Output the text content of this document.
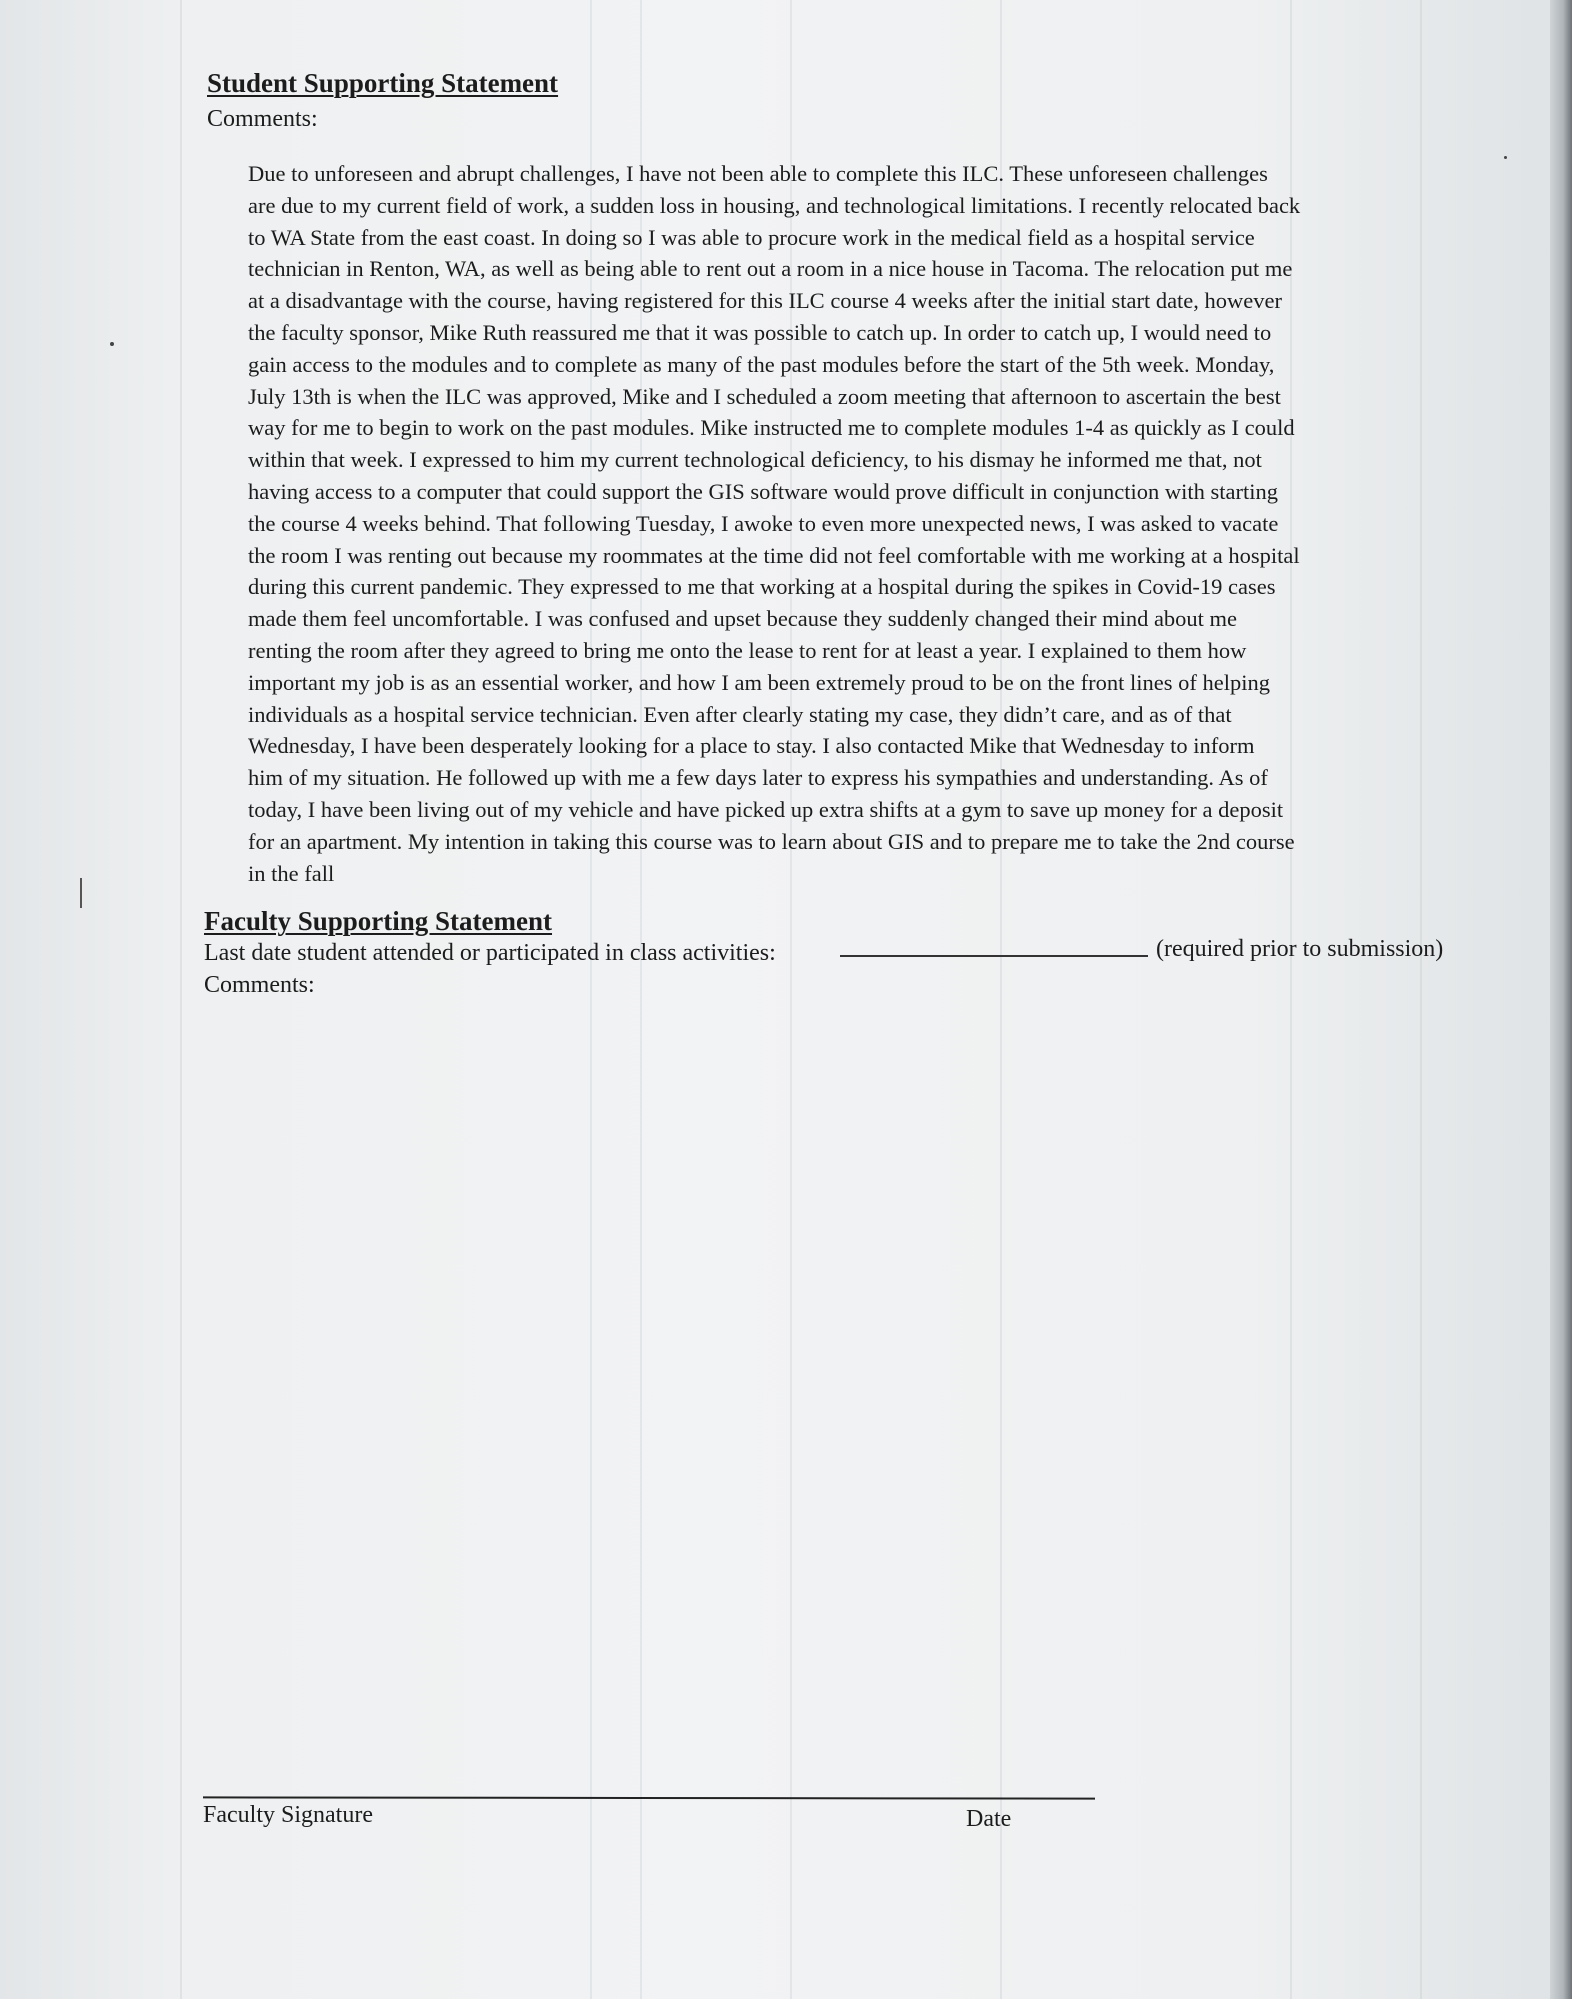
Student Supporting Statement

Comments:

Due to unforeseen and abrupt challenges, I have not been able to complete this ILC. These unforeseen challenges
are due to my current field of work, a sudden loss in housing, and technological limitations. I recently relocated back
to WA State from the east coast. In doing so I was able to procure work in the medical field as a hospital service
technician in Renton, WA, as well as being able to rent out a room in a nice house in Tacoma. The relocation put me
at a disadvantage with the course, having registered for this ILC course 4 weeks after the initial start date, however
the faculty sponsor, Mike Ruth reassured me that it was possible to catch up. In order to catch up, I would need to
gain access to the modules and to complete as many of the past modules before the start of the 5th week. Monday,
July 13th is when the ILC was approved, Mike and I scheduled a zoom meeting that afternoon to ascertain the best
way for me to begin to work on the past modules. Mike instructed me to complete modules 1-4 as quickly as I could
within that week. I expressed to him my current technological deficiency, to his dismay he informed me that, not
having access to a computer that could support the GIS software would prove difficult in conjunction with starting
the course 4 weeks behind. That following Tuesday, I awoke to even more unexpected news, I was asked to vacate
the room I was renting out because my roommates at the time did not feel comfortable with me working at a hospital
during this current pandemic. They expressed to me that working at a hospital during the spikes in Covid-19 cases
made them feel uncomfortable. I was confused and upset because they suddenly changed their mind about me
renting the room after they agreed to bring me onto the lease to rent for at least a year. I explained to them how
important my job is as an essential worker, and how I am been extremely proud to be on the front lines of helping
individuals as a hospital service technician. Even after clearly stating my case, they didn’t care, and as of that
Wednesday, I have been desperately looking for a place to stay. I also contacted Mike that Wednesday to inform
him of my situation. He followed up with me a few days later to express his sympathies and understanding. As of
today, I have been living out of my vehicle and have picked up extra shifts at a gym to save up money for a deposit
for an apartment. My intention in taking this course was to learn about GIS and to prepare me to take the 2nd course
in the fall
Faculty Supporting Statement

Last date student attended or participated in class activities:	(required prior to submission)

Comments:

Faculty Signature	Date
